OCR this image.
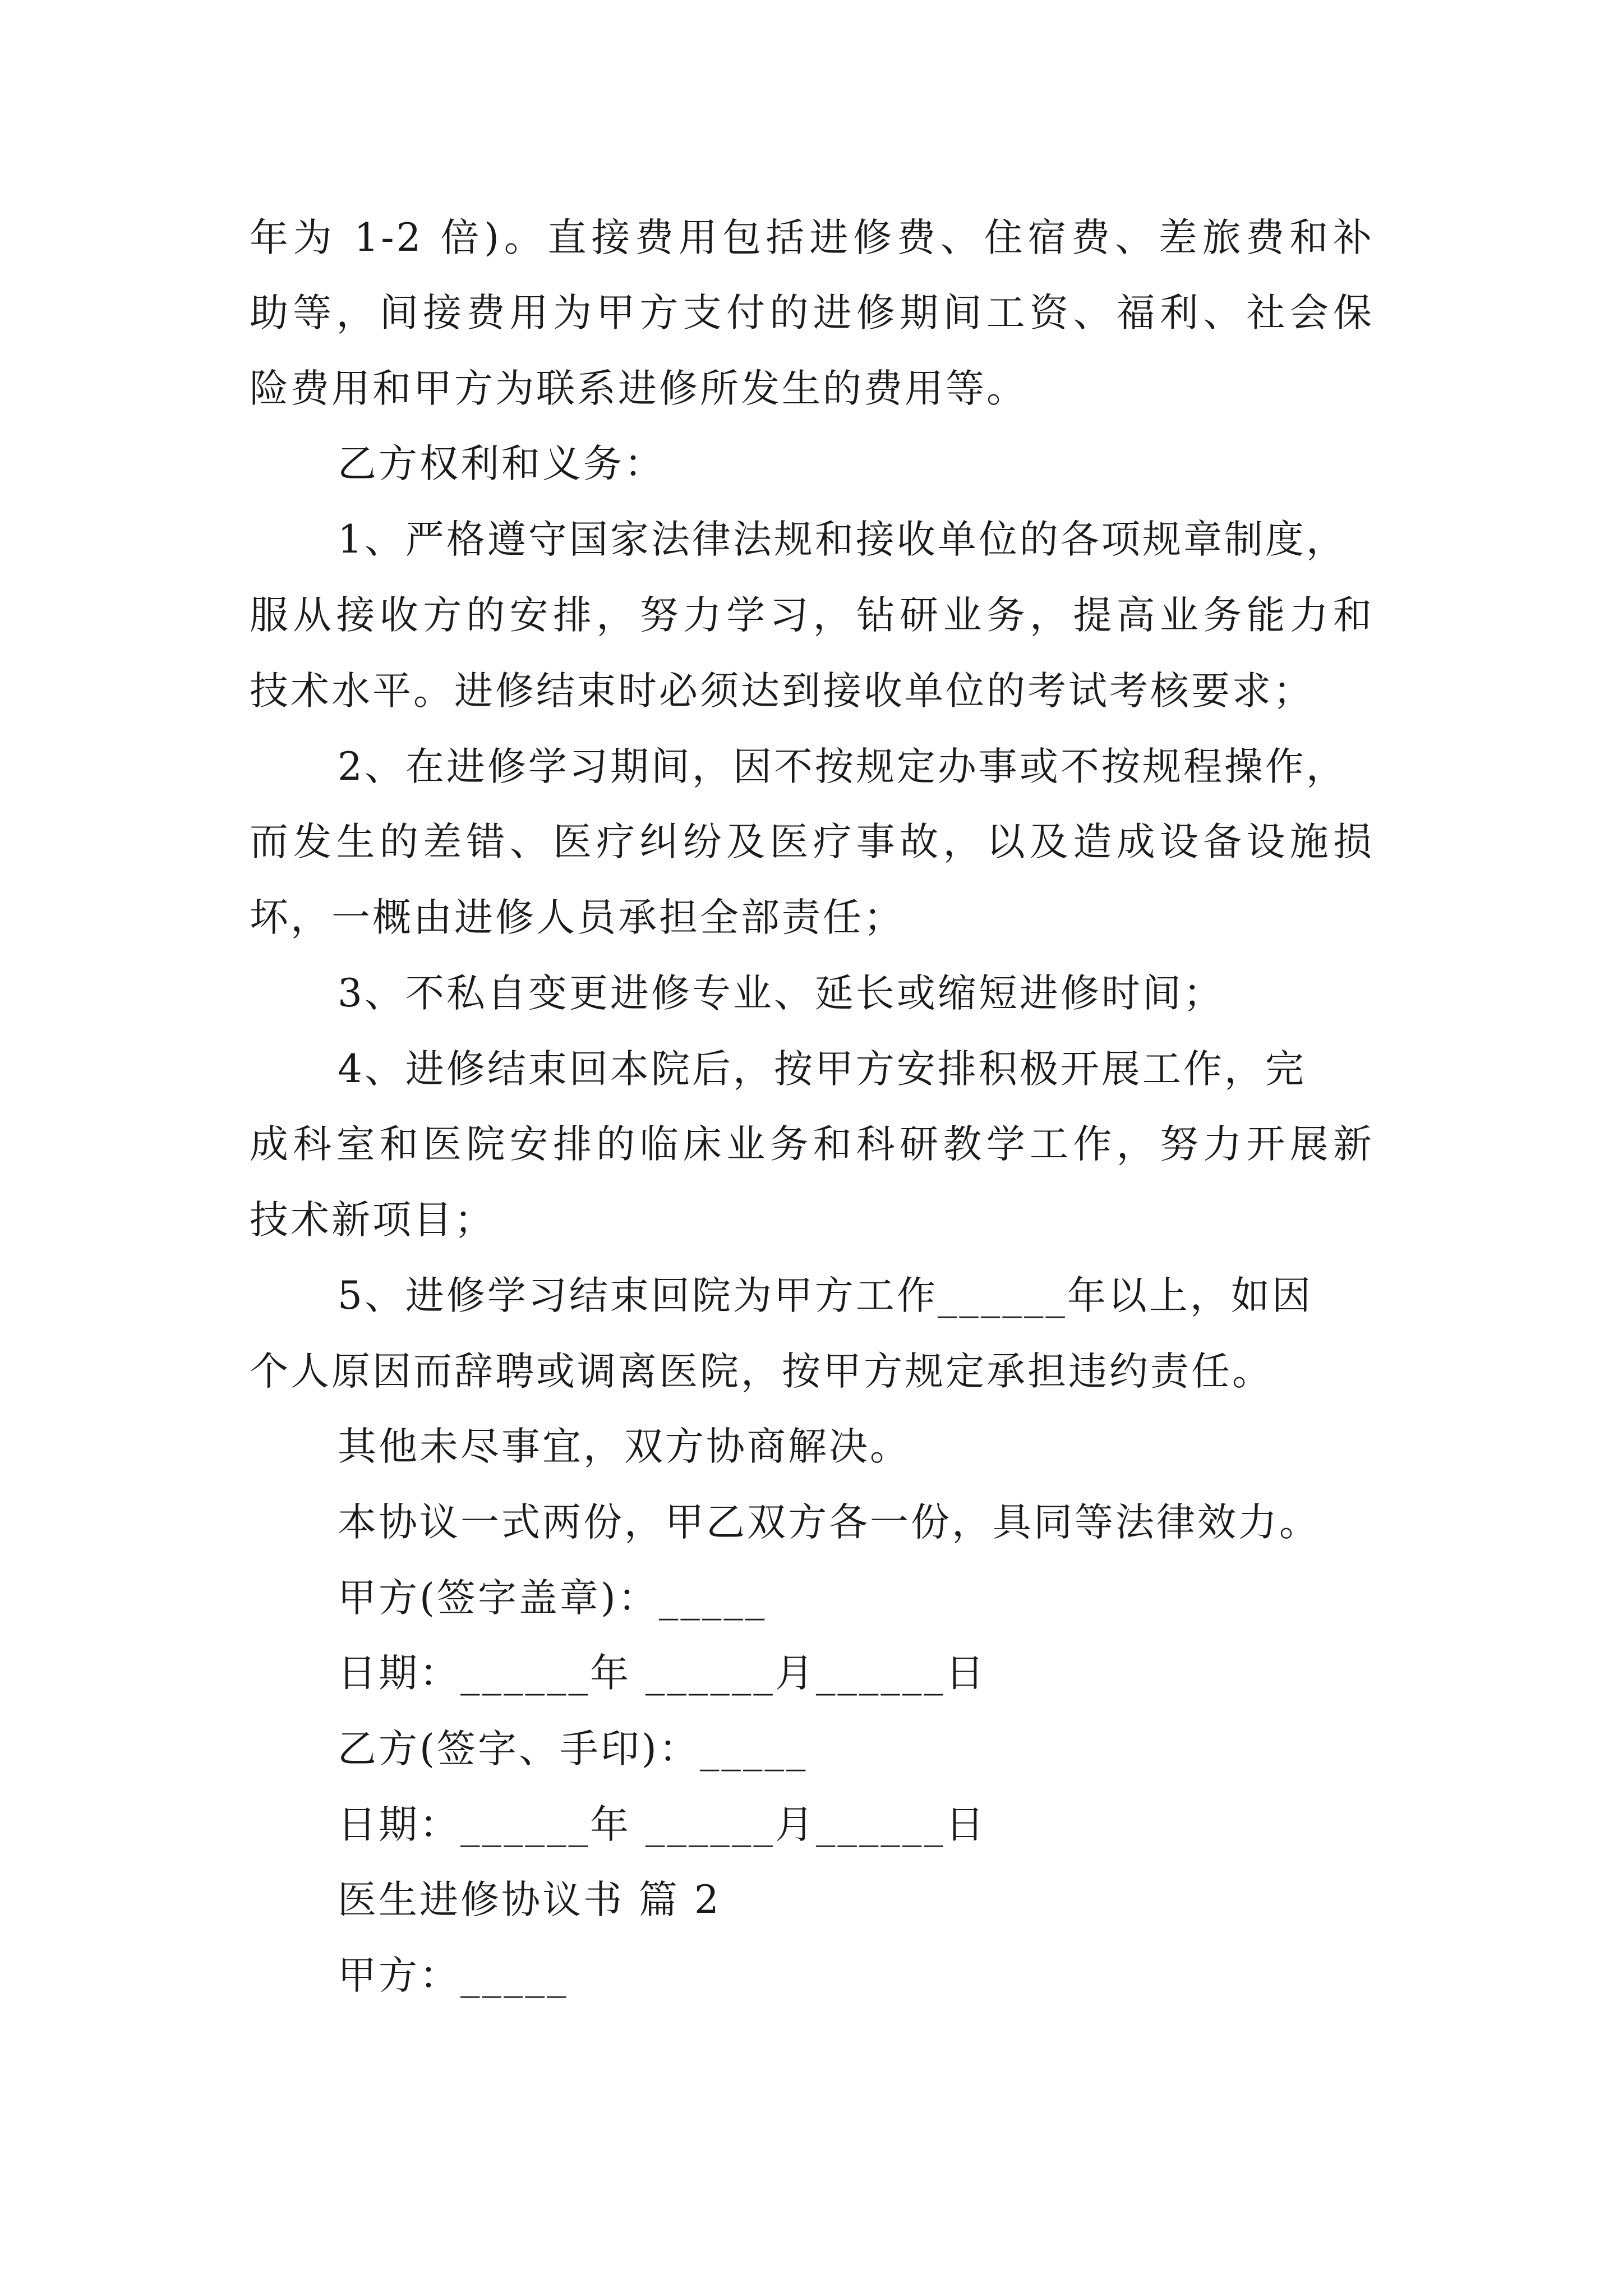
年为 1-2 倍)。直接费用包括进修费、住宿费、差旅费和补

助等，间接费用为甲方支付的进修期间工资、福利、社会保

险费用和甲方为联系进修所发生的费用等。

乙方权利和义务：

1、严格遵守国家法律法规和接收单位的各项规章制度，

服从接收方的安排，努力学习，钻研业务，提高业务能力和

技术水平。进修结束时必须达到接收单位的考试考核要求；

2、在进修学习期间，因不按规定办事或不按规程操作，

而发生的差错、医疗纠纷及医疗事故，以及造成设备设施损

坏，一概由进修人员承担全部责任；

3、不私自变更进修专业、延长或缩短进修时间；

4、进修结束回本院后，按甲方安排积极开展工作，完

成科室和医院安排的临床业务和科研教学工作，努力开展新

技术新项目；

5、进修学习结束回院为甲方工作______年以上，如因

个人原因而辞聘或调离医院，按甲方规定承担违约责任。

其他未尽事宜，双方协商解决。

本协议一式两份，甲乙双方各一份，具同等法律效力。

甲方(签字盖章)：_____

日期：______年 ______月______日

乙方(签字、手印)：_____

日期：______年 ______月______日

医生进修协议书 篇 2

甲方：_____
